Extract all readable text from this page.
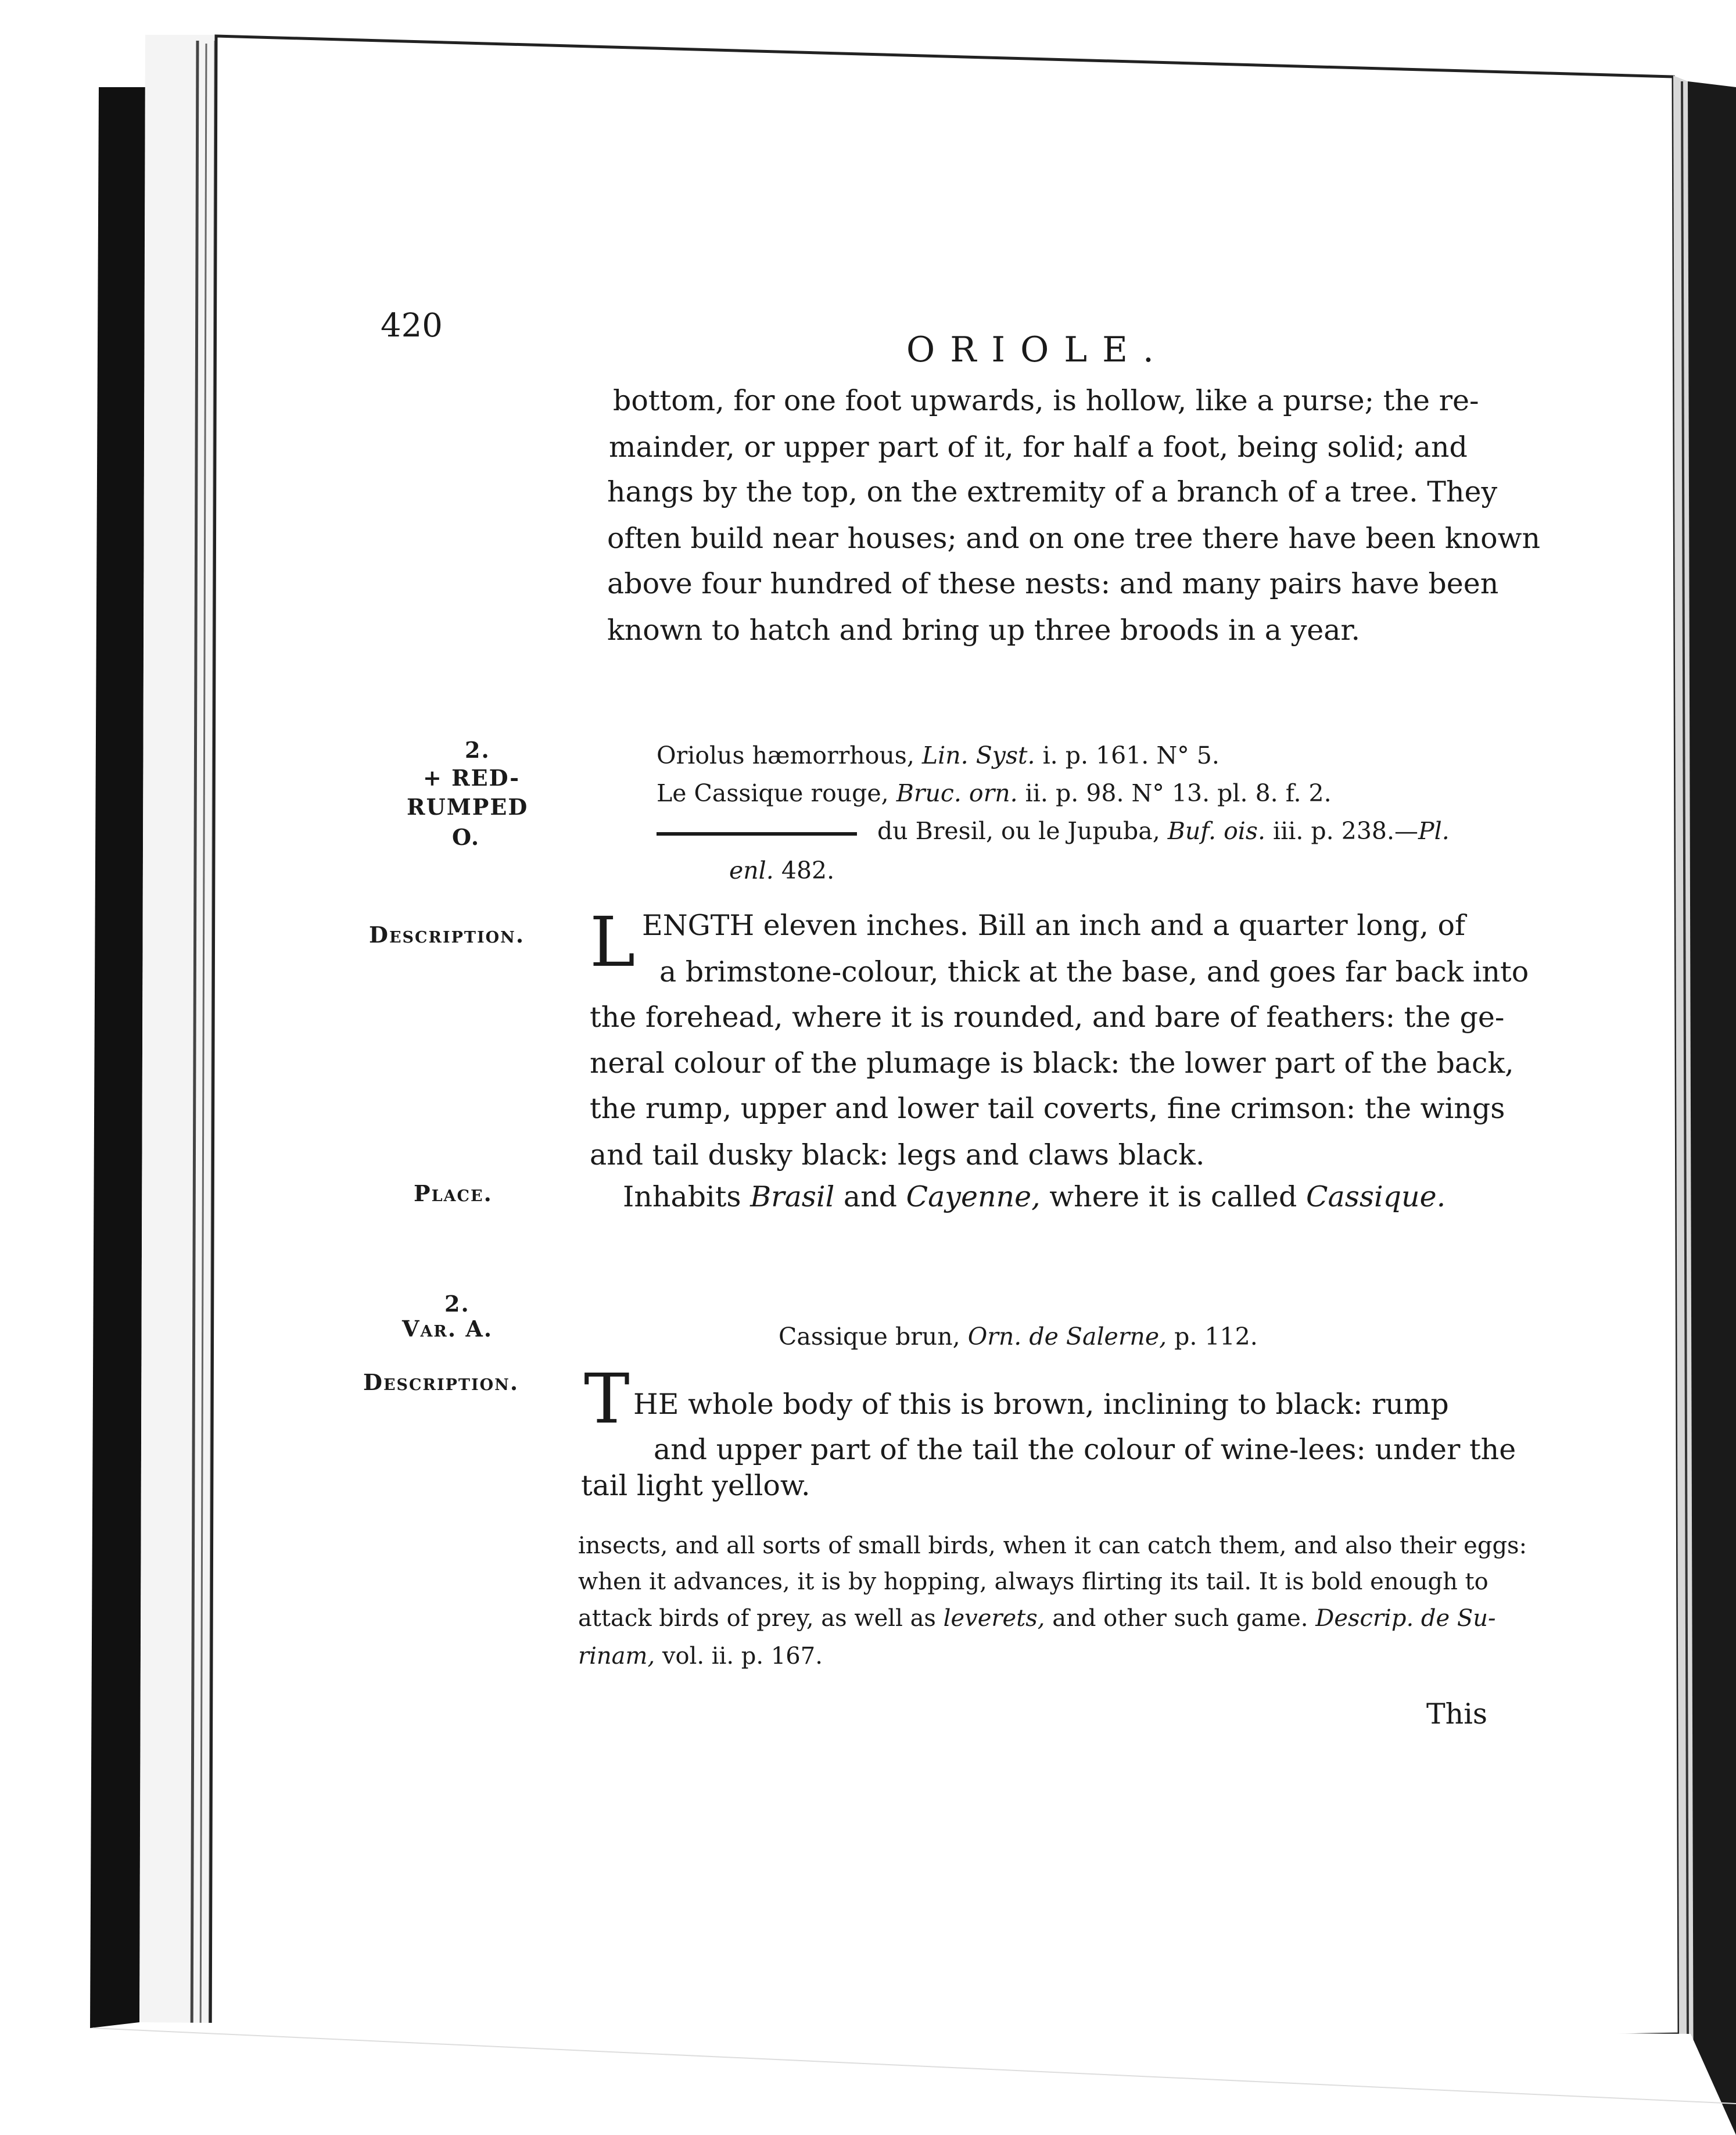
420

ORIOLE.

bottom, for one foot upwards, is hollow, like a purse; the re-

mainder, or upper part of it, for half a foot, being solid; and

hangs by the top, on the extremity of a branch of a tree. They

often build near houses; and on one tree there have been known

above four hundred of these nests: and many pairs have been

known to hatch and bring up three broods in a year.

2.

+ RED-

RUMPED

O.

Oriolus hæmorrhous, Lin. Syst. i. p. 161. N° 5.

Le Cassique rouge, Brис. orn. ii. p. 98. N° 13. pl. 8. f. 2.

du Bresil, ou le Jupuba, Buf. ois. iii. p. 238.—Pl.

enl. 482.

Description. L ENGTH eleven inches. Bill an inch and a quarter long, of

a brimstone-colour, thick at the base, and goes far back into

the forehead, where it is rounded, and bare of feathers: the ge-

neral colour of the plumage is black: the lower part of the back,

the rump, upper and lower tail coverts, fine crimson: the wings

and tail dusky black: legs and claws black.

Place.	Inhabits Brasil and Cayenne, where it is called Cassique.

2.

Var. A.	Cassique brun, Orn. de Salerne, p. 112.

Description. T HE whole body of this is brown, inclining to black: rump

and upper part of the tail the colour of wine-lees: under the

tail light yellow.

insects, and all sorts of small birds, when it can catch them, and also their eggs:

when it advances, it is by hopping, always flirting its tail. It is bold enough to

attack birds of prey, as well as leverets, and other such game. Descrip. de Su-

rinam, vol. ii. p. 167.

This
